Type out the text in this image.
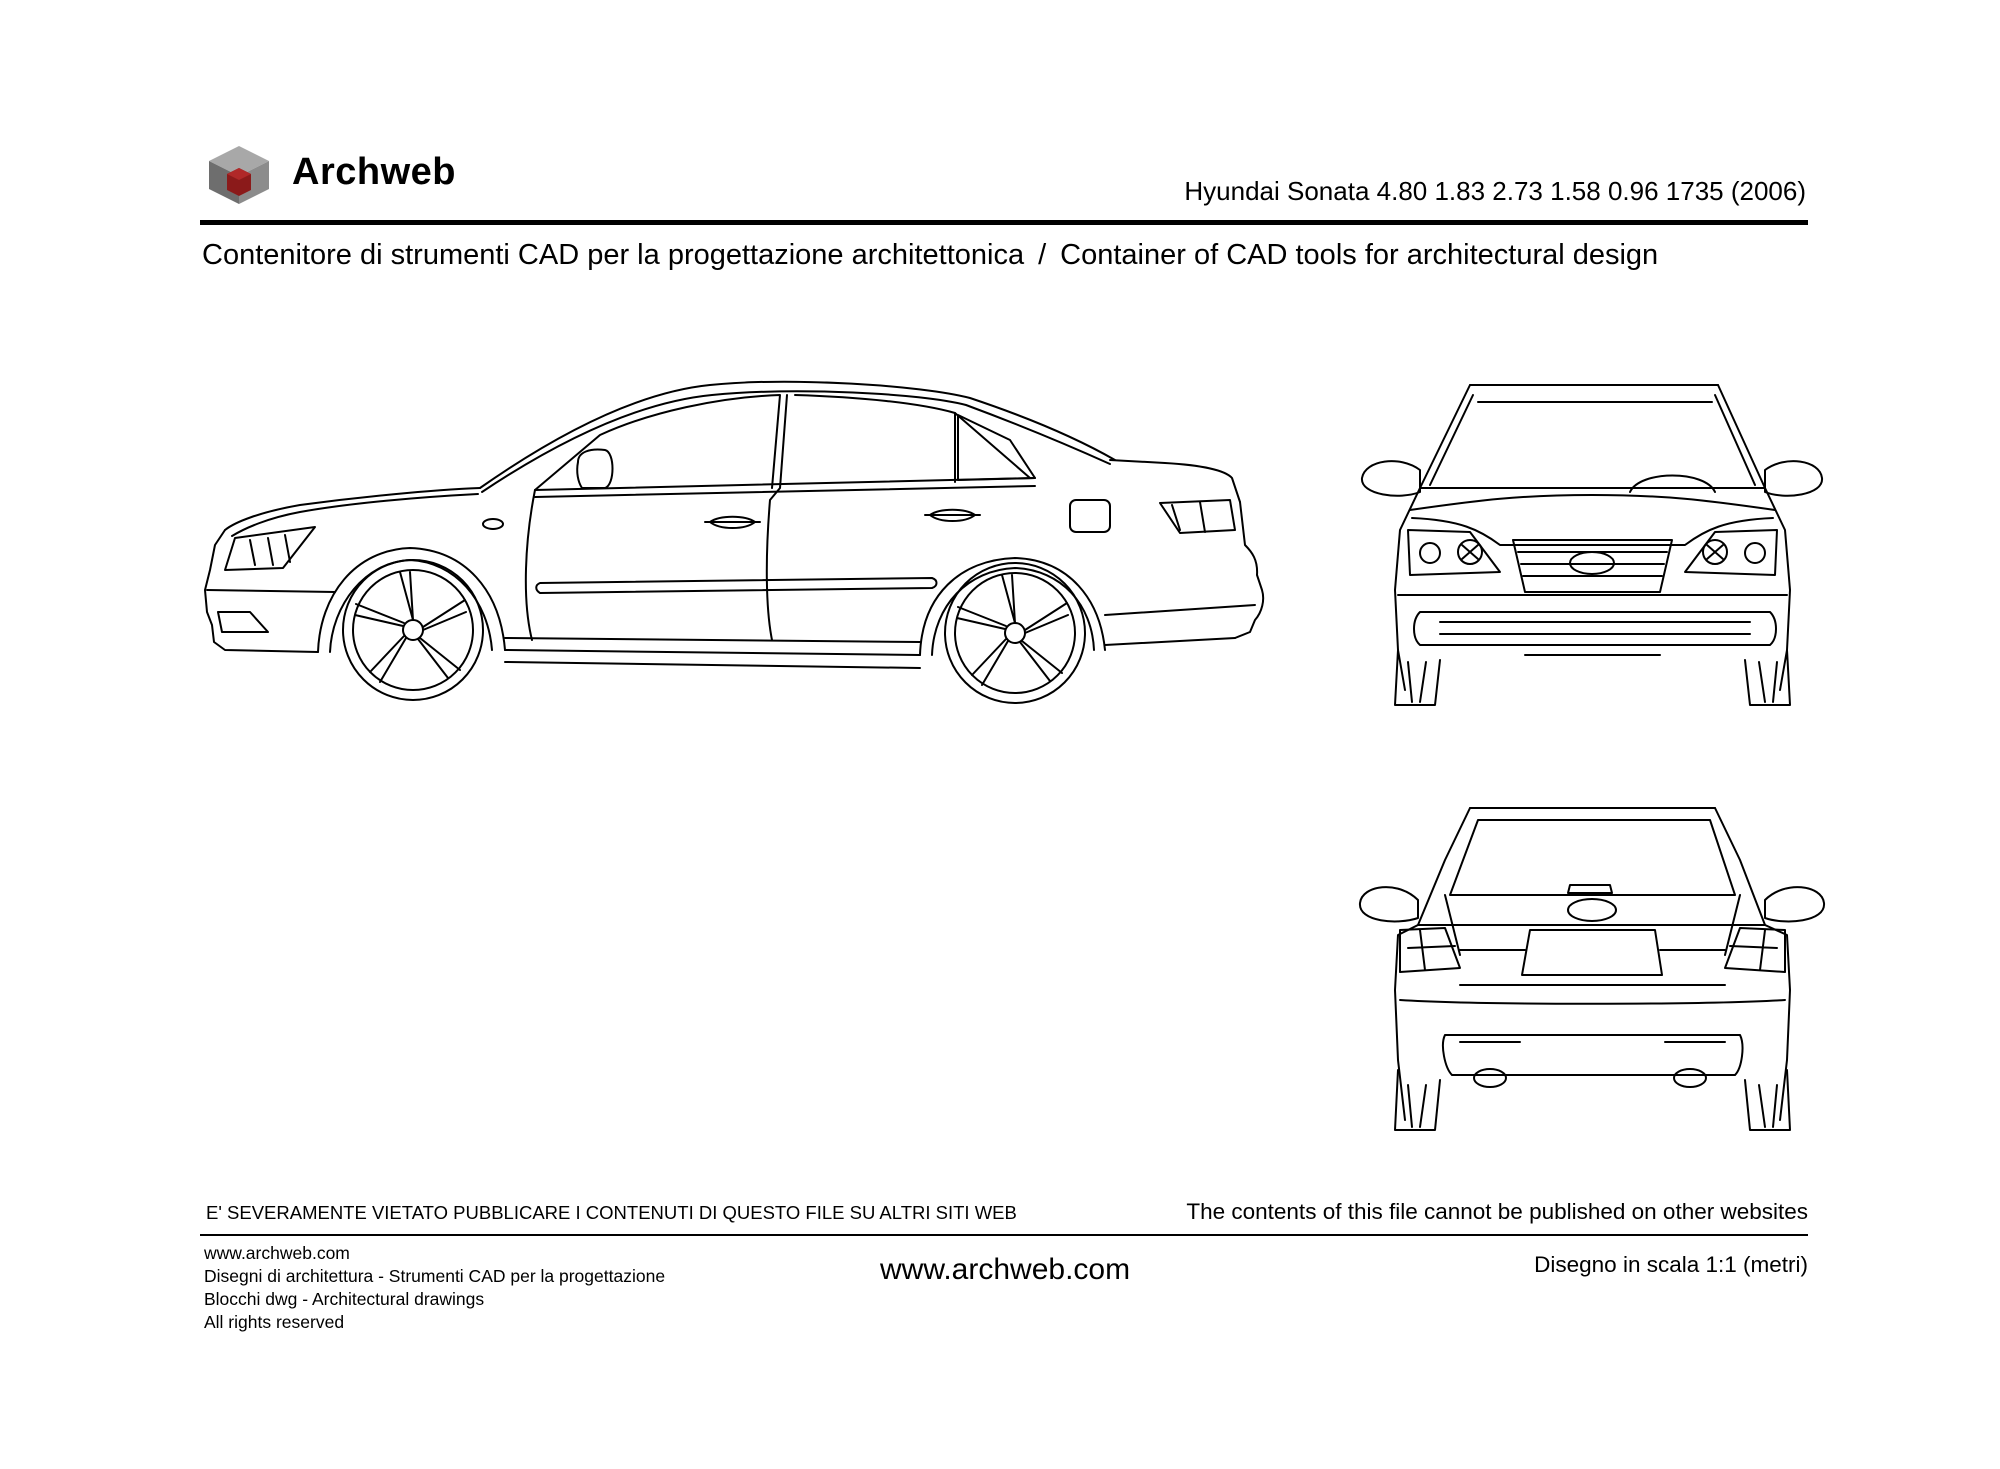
Archweb	Hyundai Sonata 4.80 1.83 2.73 1.58 0.96 1735 (2006)
Contenitore di strumenti CAD per la progettazione architettonica / Container of CAD tools for architectural design
E' SEVERAMENTE VIETATO PUBBLICARE I CONTENUTI DI QUESTO FILE SU ALTRI SITI WEB	The contents of this file cannot be published on other websites
www.archweb.com
Disegni di architettura - Strumenti CAD per la progettazione
Blocchi dwg - Architectural drawings
All rights reserved
www.archweb.com	Disegno in scala 1:1 (metri)
